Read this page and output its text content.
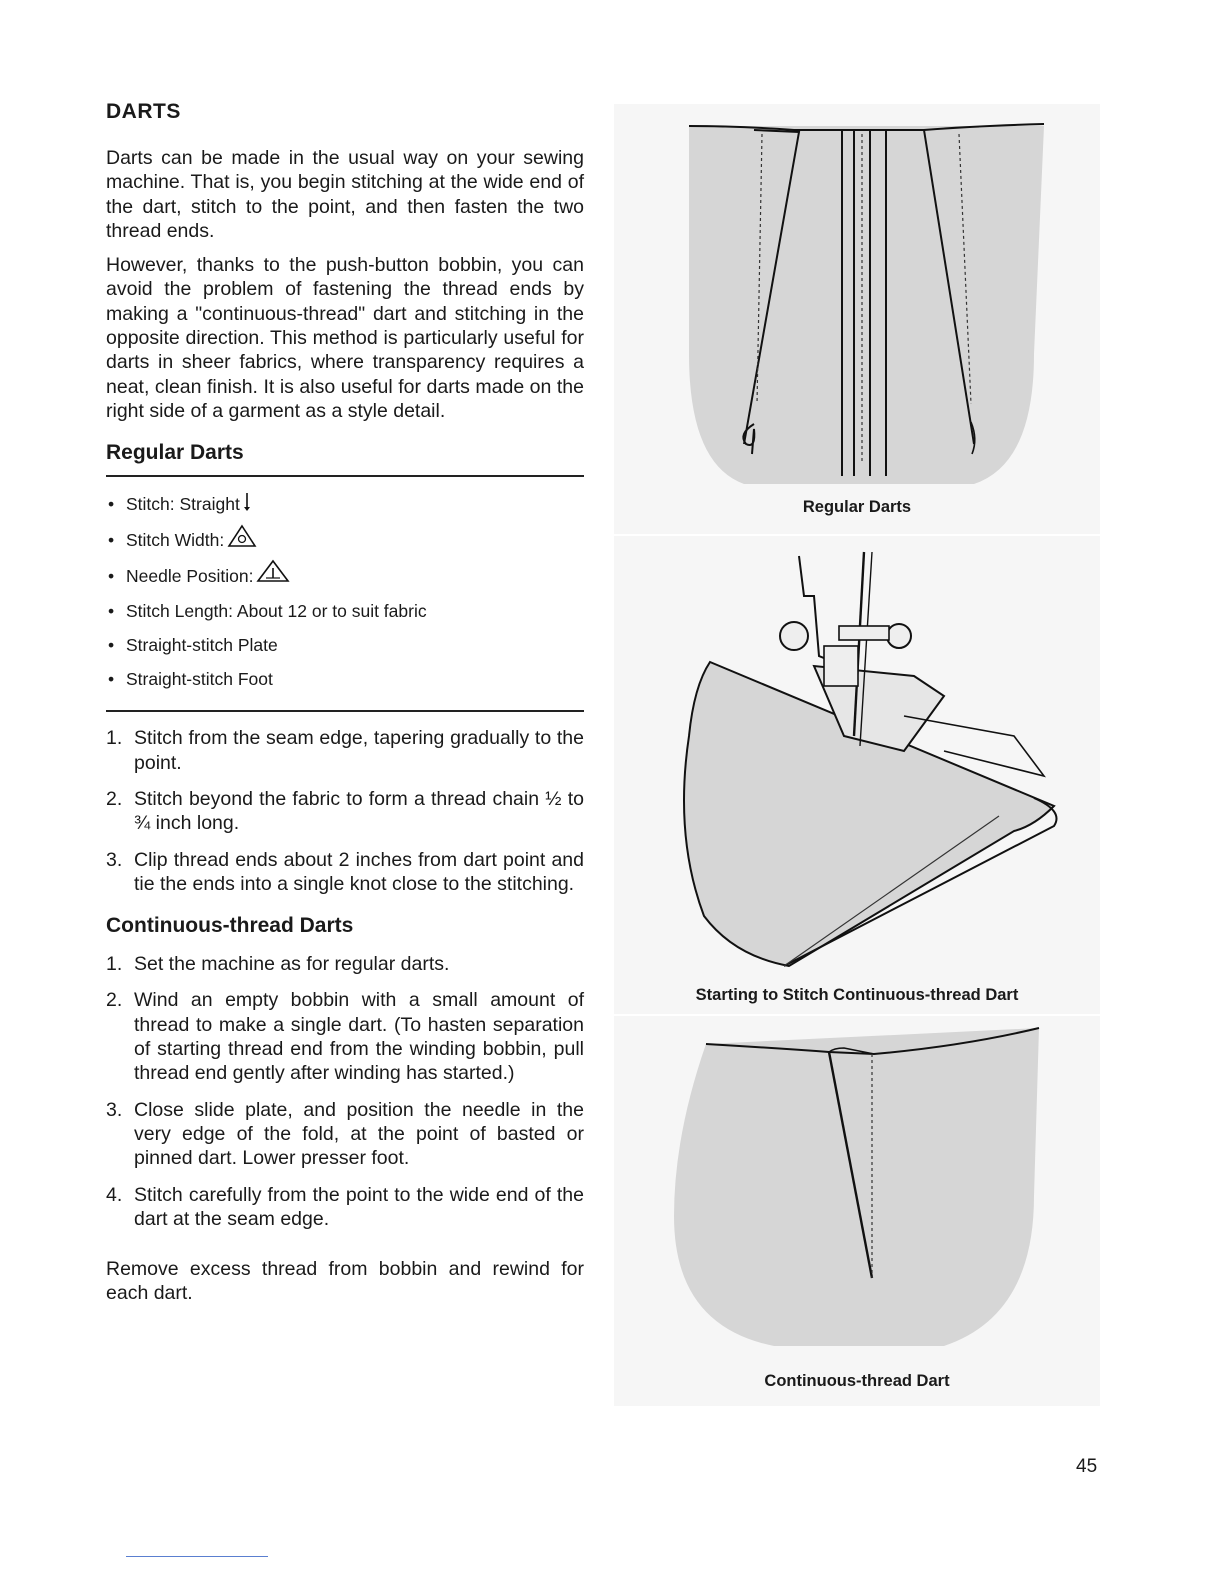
DARTS

Darts can be made in the usual way on your sewing machine. That is, you begin stitching at the wide end of the dart, stitch to the point, and then fasten the two thread ends.

However, thanks to the push-button bobbin, you can avoid the problem of fastening the thread ends by making a "continuous-thread" dart and stitching in the opposite direction. This method is particularly useful for darts in sheer fabrics, where transparency requires a neat, clean finish. It is also useful for darts made on the right side of a garment as a style detail.

Regular Darts
• Stitch: Straight
• Stitch Width:
• Needle Position:
• Stitch Length: About 12 or to suit fabric
• Straight-stitch Plate
• Straight-stitch Foot
1. Stitch from the seam edge, tapering gradually to the point.
2. Stitch beyond the fabric to form a thread chain ½ to ¾ inch long.
3. Clip thread ends about 2 inches from dart point and tie the ends into a single knot close to the stitching.
Continuous-thread Darts
1. Set the machine as for regular darts.
2. Wind an empty bobbin with a small amount of thread to make a single dart. (To hasten separation of starting thread end from the winding bobbin, pull thread end gently after winding has started.)
3. Close slide plate, and position the needle in the very edge of the fold, at the point of basted or pinned dart. Lower presser foot.
4. Stitch carefully from the point to the wide end of the dart at the seam edge.

Remove excess thread from bobbin and rewind for each dart.

Regular Darts
Starting to Stitch Continuous-thread Dart
Continuous-thread Dart
45
